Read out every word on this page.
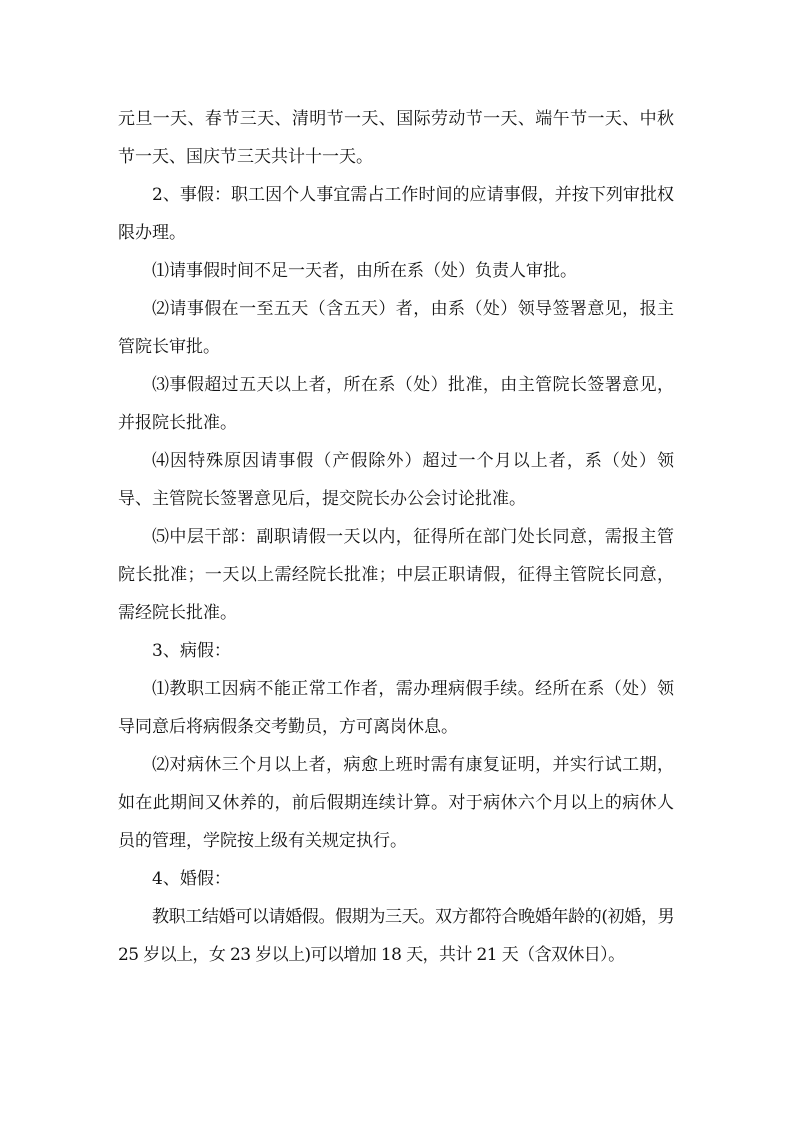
元旦一天、春节三天、清明节一天、国际劳动节一天、端午节一天、中秋节一天、国庆节三天共计十一天。

2、事假：职工因个人事宜需占工作时间的应请事假，并按下列审批权限办理。

⑴请事假时间不足一天者，由所在系（处）负责人审批。

⑵请事假在一至五天（含五天）者，由系（处）领导签署意见，报主管院长审批。

⑶事假超过五天以上者，所在系（处）批准，由主管院长签署意见，并报院长批准。

⑷因特殊原因请事假（产假除外）超过一个月以上者，系（处）领导、主管院长签署意见后，提交院长办公会讨论批准。

⑸中层干部：副职请假一天以内，征得所在部门处长同意，需报主管院长批准；一天以上需经院长批准；中层正职请假，征得主管院长同意，需经院长批准。

3、病假：

⑴教职工因病不能正常工作者，需办理病假手续。经所在系（处）领导同意后将病假条交考勤员，方可离岗休息。

⑵对病休三个月以上者，病愈上班时需有康复证明，并实行试工期，如在此期间又休养的，前后假期连续计算。对于病休六个月以上的病休人员的管理，学院按上级有关规定执行。

4、婚假：

教职工结婚可以请婚假。假期为三天。双方都符合晚婚年龄的(初婚，男 25 岁以上，女 23 岁以上)可以增加 18 天，共计 21 天（含双休日）。
